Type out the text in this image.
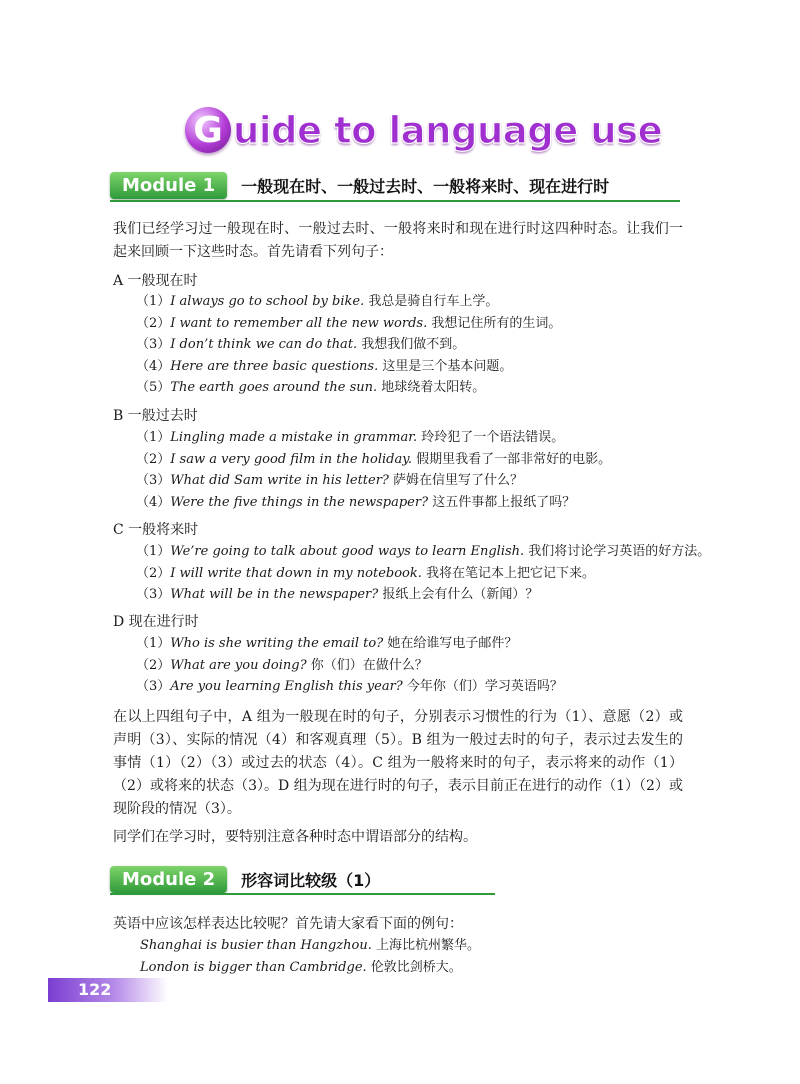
G uide to language use
Module 1	一般现在时、一般过去时、一般将来时、现在进行时
我们已经学习过一般现在时、一般过去时、一般将来时和现在进行时这四种时态。让我们一起来回顾一下这些时态。首先请看下列句子：
A 一般现在时
（1）I always go to school by bike. 我总是骑自行车上学。
（2）I want to remember all the new words. 我想记住所有的生词。
（3）I don’t think we can do that. 我想我们做不到。
（4）Here are three basic questions. 这里是三个基本问题。
（5）The earth goes around the sun. 地球绕着太阳转。
B 一般过去时
（1）Lingling made a mistake in grammar. 玲玲犯了一个语法错误。
（2）I saw a very good film in the holiday. 假期里我看了一部非常好的电影。
（3）What did Sam write in his letter? 萨姆在信里写了什么？
（4）Were the five things in the newspaper? 这五件事都上报纸了吗？
C 一般将来时
（1）We’re going to talk about good ways to learn English. 我们将讨论学习英语的好方法。
（2）I will write that down in my notebook. 我将在笔记本上把它记下来。
（3）What will be in the newspaper? 报纸上会有什么（新闻）？
D 现在进行时
（1）Who is she writing the email to? 她在给谁写电子邮件？
（2）What are you doing? 你（们）在做什么？
（3）Are you learning English this year? 今年你（们）学习英语吗？
在以上四组句子中，A 组为一般现在时的句子，分别表示习惯性的行为（1）、意愿（2）或声明（3）、实际的情况（4）和客观真理（5）。B 组为一般过去时的句子，表示过去发生的事情（1）（2）（3）或过去的状态（4）。C 组为一般将来时的句子，表示将来的动作（1）（2）或将来的状态（3）。D 组为现在进行时的句子，表示目前正在进行的动作（1）（2）或现阶段的情况（3）。
同学们在学习时，要特别注意各种时态中谓语部分的结构。
Module 2	形容词比较级（1）
英语中应该怎样表达比较呢？首先请大家看下面的例句：
Shanghai is busier than Hangzhou. 上海比杭州繁华。
London is bigger than Cambridge. 伦敦比剑桥大。
122
